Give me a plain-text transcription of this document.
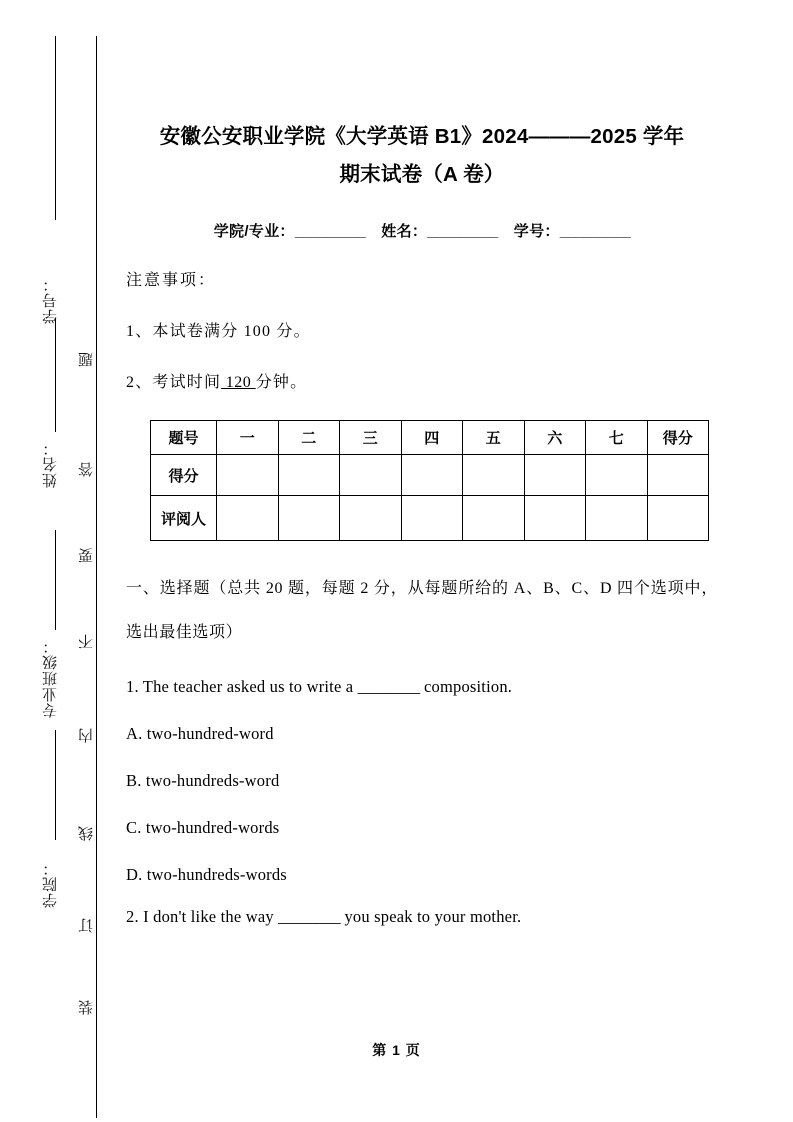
学号：
姓名：
专业班级：
学院：
题
答
要
不
内
线
订
装
安徽公安职业学院《大学英语 B1》2024———2025 学年
期末试卷（A 卷）
学院/专业：_________ 姓名：_________ 学号：_________

注意事项：

1、本试卷满分 100 分。

2、考试时间 120 分钟。

题号	一	二	三	四	五	六	七	得分
得分								
评阅人								

一、选择题（总共 20 题，每题 2 分，从每题所给的 A、B、C、D 四个选项中，选出最佳选项）

1. The teacher asked us to write a ________ composition.

A. two-hundred-word

B. two-hundreds-word

C. two-hundred-words

D. two-hundreds-words

2. I don't like the way ________ you speak to your mother.

第 1 页
